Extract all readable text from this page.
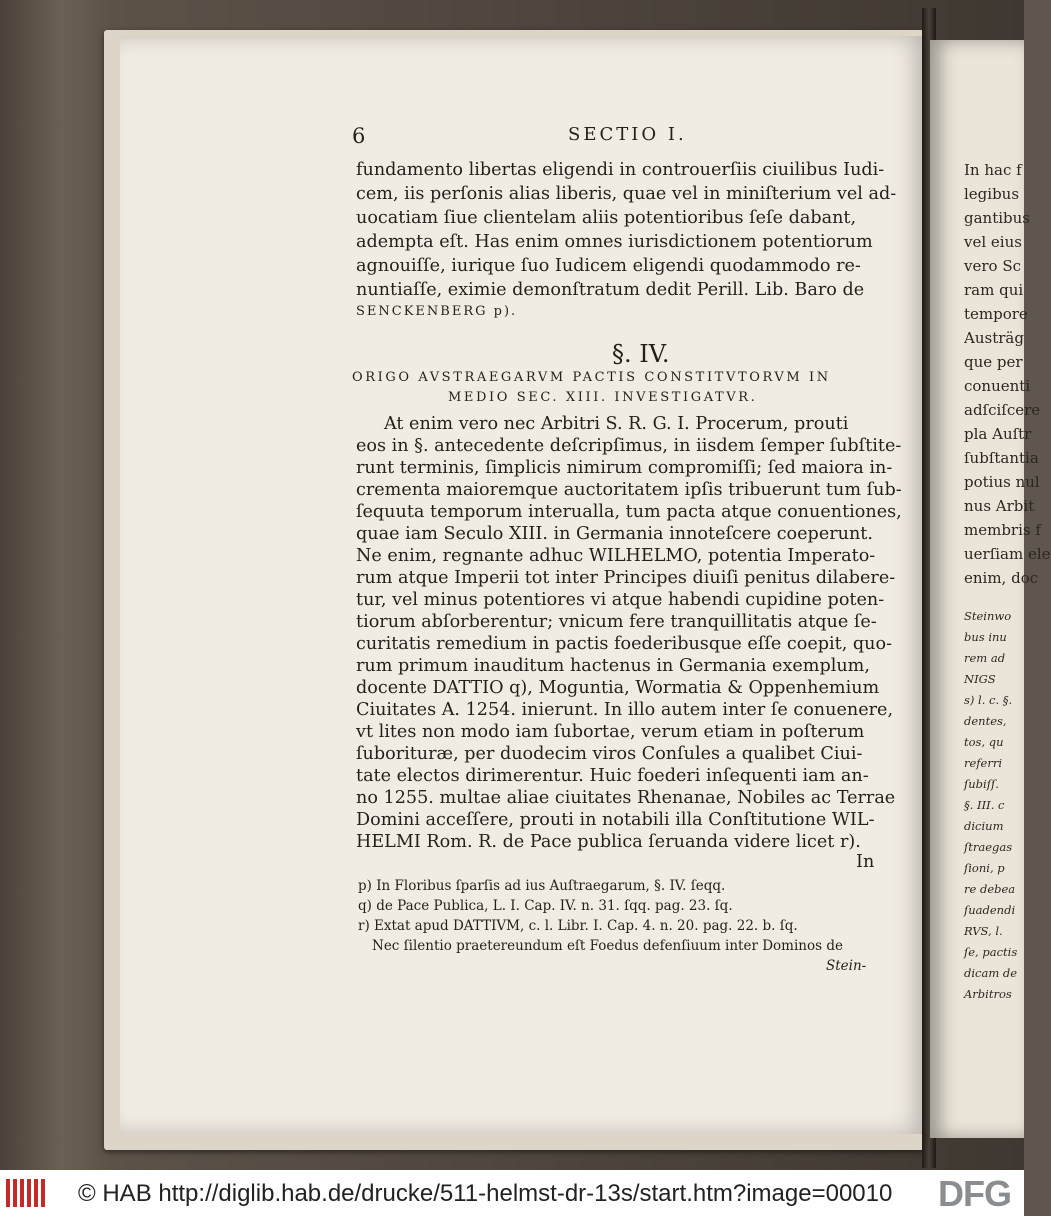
In hac f
legibus
gantibus
vel eius
vero Sc
ram qui
tempore
Austräg
que per
conuenti
adſciſcere
pla Auſtr
ſubſtantia
potius nul
nus Arbit
membris f
uerſiam ele
enim, doc
Steinwo
bus inu
rem ad
NIGS
s) l. c. §.
dentes,
tos, qu
referri
ſubiſſ.
§. III. c
dicium
ſtraegas
ſioni, p
re debea
ſuadendi
RVS, l.
ſe, pactis
dicam de
Arbitros
6	SECTIO I.
fundamento libertas eligendi in controuerſiis ciuilibus Iudi-
cem, iis perſonis alias liberis, quae vel in miniſterium vel ad-
uocatiam ſiue clientelam aliis potentioribus ſeſe dabant,
adempta eſt. Has enim omnes iurisdictionem potentiorum
agnouiſſe, iurique ſuo Iudicem eligendi quodammodo re-
nuntiaſſe, eximie demonſtratum dedit Perill. Lib. Baro de
SENCKENBERG p).
§. IV.
ORIGO AVSTRAEGARVM PACTIS CONSTITVTORVM IN
MEDIO SEC. XIII. INVESTIGATVR.
At enim vero nec Arbitri S. R. G. I. Procerum, prouti
eos in §. antecedente deſcripſimus, in iisdem ſemper ſubſtite-
runt terminis, ſimplicis nimirum compromiſſi; ſed maiora in-
crementa maioremque auctoritatem ipſis tribuerunt tum ſub-
ſequuta temporum interualla, tum pacta atque conuentiones,
quae iam Seculo XIII. in Germania innoteſcere coeperunt.
Ne enim, regnante adhuc WILHELMO, potentia Imperato-
rum atque Imperii tot inter Principes diuiſi penitus dilabere-
tur, vel minus potentiores vi atque habendi cupidine poten-
tiorum abſorberentur; vnicum fere tranquillitatis atque ſe-
curitatis remedium in pactis foederibusque eſſe coepit, quo-
rum primum inauditum hactenus in Germania exemplum,
docente DATTIO q), Moguntia, Wormatia & Oppenhemium
Ciuitates A. 1254. inierunt. In illo autem inter ſe conuenere,
vt lites non modo iam ſubortae, verum etiam in poſterum
ſuborituræ, per duodecim viros Conſules a qualibet Ciui-
tate electos dirimerentur. Huic foederi inſequenti iam an-
no 1255. multae aliae ciuitates Rhenanae, Nobiles ac Terrae
Domini acceſſere, prouti in notabili illa Conſtitutione WIL-
HELMI Rom. R. de Pace publica ſeruanda videre licet r).
In
p) In Floribus ſparſis ad ius Auſtraegarum, §. IV. ſeqq.
q) de Pace Publica, L. I. Cap. IV. n. 31. ſqq. pag. 23. ſq.
r) Extat apud DATTIVM, c. l. Libr. I. Cap. 4. n. 20. pag. 22. b. ſq.
Nec ſilentio praetereundum eſt Foedus defenſiuum inter Dominos de
Stein-
© HAB http://diglib.hab.de/drucke/511-helmst-dr-13s/start.htm?image=00010 DFG
